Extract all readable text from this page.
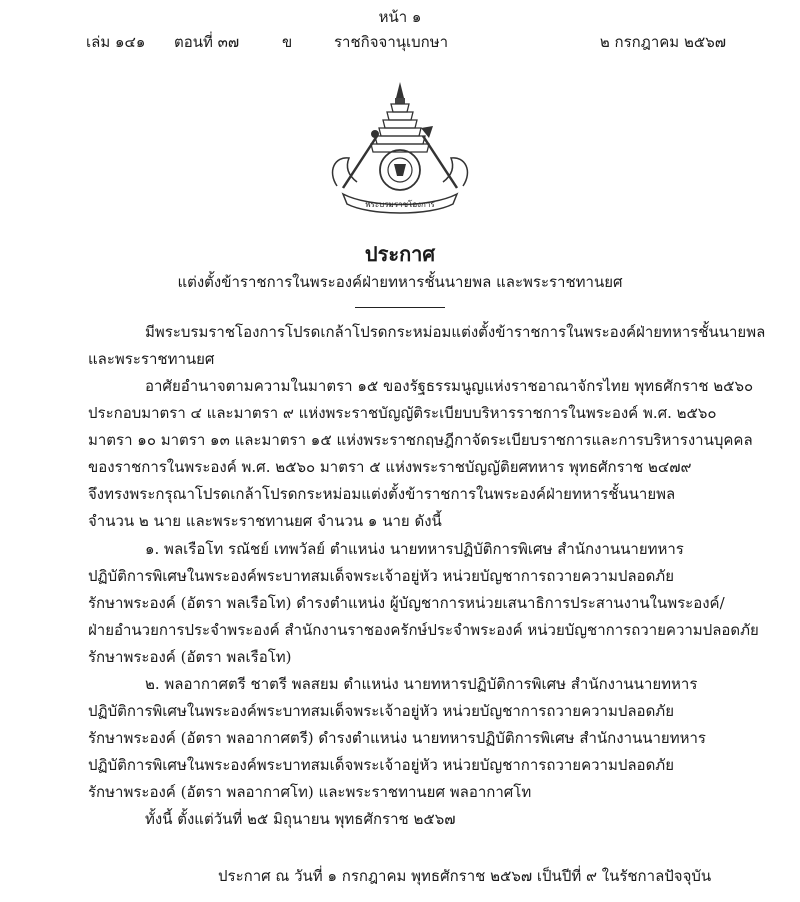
หน้า ๑
เล่ม ๑๔๑ ตอนที่ ๓๗	ข	ราชกิจจานุเบกษา	๒ กรกฎาคม ๒๕๖๗
พระบรมราชโองการ
ประกาศ
แต่งตั้งข้าราชการในพระองค์ฝ่ายทหารชั้นนายพล และพระราชทานยศ
มีพระบรมราชโองการโปรดเกล้าโปรดกระหม่อมแต่งตั้งข้าราชการในพระองค์ฝ่ายทหารชั้นนายพล
และพระราชทานยศ
อาศัยอำนาจตามความในมาตรา ๑๕ ของรัฐธรรมนูญแห่งราชอาณาจักรไทย พุทธศักราช ๒๕๖๐
ประกอบมาตรา ๔ และมาตรา ๙ แห่งพระราชบัญญัติระเบียบบริหารราชการในพระองค์ พ.ศ. ๒๕๖๐
มาตรา ๑๐ มาตรา ๑๓ และมาตรา ๑๕ แห่งพระราชกฤษฎีกาจัดระเบียบราชการและการบริหารงานบุคคล
ของราชการในพระองค์ พ.ศ. ๒๕๖๐ มาตรา ๕ แห่งพระราชบัญญัติยศทหาร พุทธศักราช ๒๔๗๙
จึงทรงพระกรุณาโปรดเกล้าโปรดกระหม่อมแต่งตั้งข้าราชการในพระองค์ฝ่ายทหารชั้นนายพล
จำนวน ๒ นาย และพระราชทานยศ จำนวน ๑ นาย ดังนี้
๑. พลเรือโท รณัชย์ เทพวัลย์ ตำแหน่ง นายทหารปฏิบัติการพิเศษ สำนักงานนายทหาร
ปฏิบัติการพิเศษในพระองค์พระบาทสมเด็จพระเจ้าอยู่หัว หน่วยบัญชาการถวายความปลอดภัย
รักษาพระองค์ (อัตรา พลเรือโท) ดำรงตำแหน่ง ผู้บัญชาการหน่วยเสนาธิการประสานงานในพระองค์/
ฝ่ายอำนวยการประจำพระองค์ สำนักงานราชองครักษ์ประจำพระองค์ หน่วยบัญชาการถวายความปลอดภัย
รักษาพระองค์ (อัตรา พลเรือโท)
๒. พลอากาศตรี ชาตรี พลสยม ตำแหน่ง นายทหารปฏิบัติการพิเศษ สำนักงานนายทหาร
ปฏิบัติการพิเศษในพระองค์พระบาทสมเด็จพระเจ้าอยู่หัว หน่วยบัญชาการถวายความปลอดภัย
รักษาพระองค์ (อัตรา พลอากาศตรี) ดำรงตำแหน่ง นายทหารปฏิบัติการพิเศษ สำนักงานนายทหาร
ปฏิบัติการพิเศษในพระองค์พระบาทสมเด็จพระเจ้าอยู่หัว หน่วยบัญชาการถวายความปลอดภัย
รักษาพระองค์ (อัตรา พลอากาศโท) และพระราชทานยศ พลอากาศโท
ทั้งนี้ ตั้งแต่วันที่ ๒๕ มิถุนายน พุทธศักราช ๒๕๖๗
ประกาศ ณ วันที่ ๑ กรกฎาคม พุทธศักราช ๒๕๖๗ เป็นปีที่ ๙ ในรัชกาลปัจจุบัน
